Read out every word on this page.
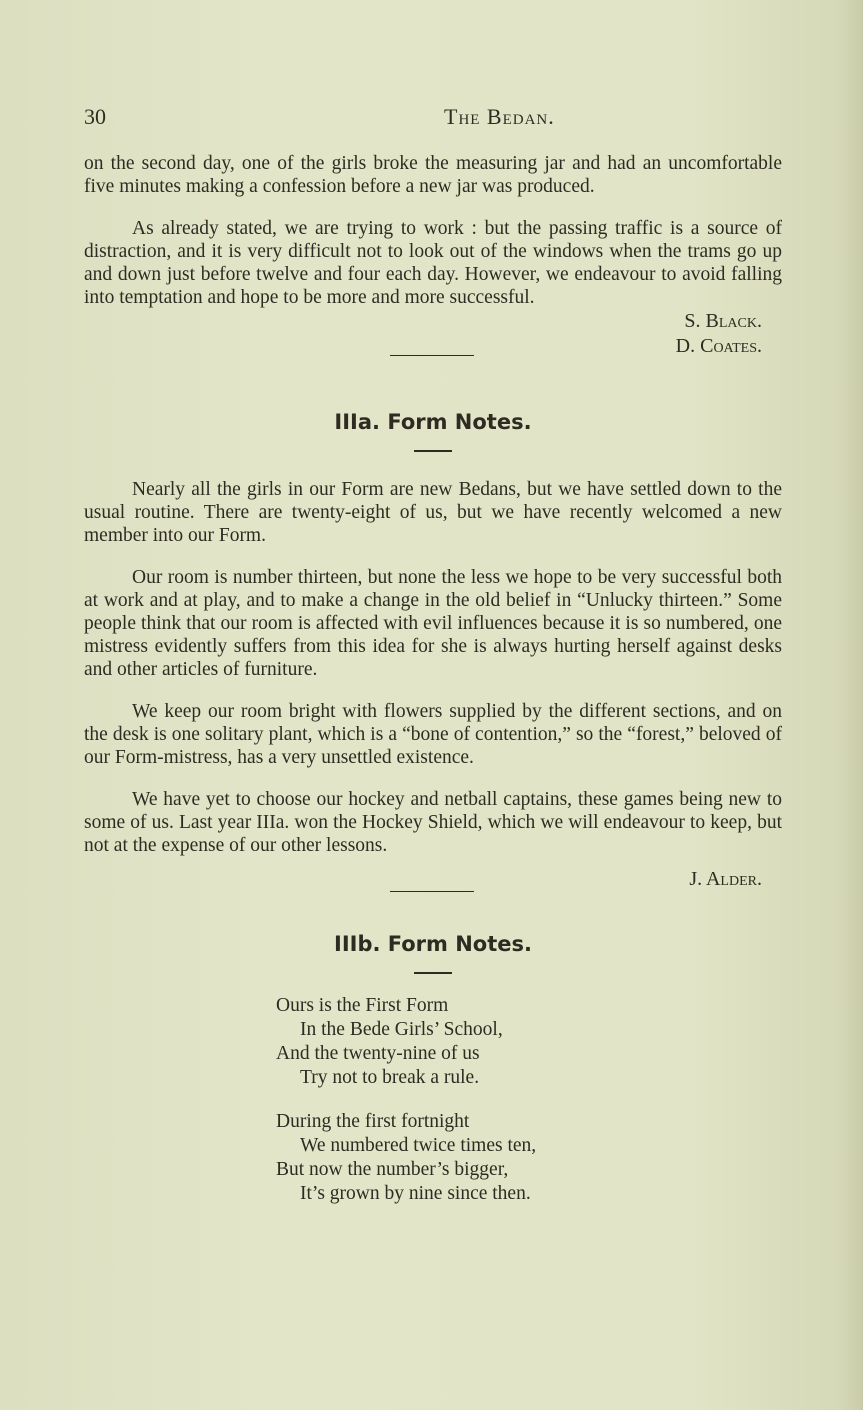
30	The Bedan.

on the second day, one of the girls broke the measuring jar and had an uncomfortable five minutes making a confession before a new jar was produced.

As already stated, we are trying to work : but the passing traffic is a source of distraction, and it is very difficult not to look out of the windows when the trams go up and down just before twelve and four each day. However, we endeavour to avoid falling into temptation and hope to be more and more successful.

S. Black.
D. Coates.
IIIa. Form Notes.

Nearly all the girls in our Form are new Bedans, but we have settled down to the usual routine. There are twenty-eight of us, but we have recently welcomed a new member into our Form.

Our room is number thirteen, but none the less we hope to be very successful both at work and at play, and to make a change in the old belief in “Unlucky thirteen.” Some people think that our room is affected with evil influences because it is so numbered, one mistress evidently suffers from this idea for she is always hurting herself against desks and other articles of furniture.

We keep our room bright with flowers supplied by the different sections, and on the desk is one solitary plant, which is a “bone of contention,” so the “forest,” beloved of our Form-mistress, has a very unsettled existence.

We have yet to choose our hockey and netball captains, these games being new to some of us. Last year IIIa. won the Hockey Shield, which we will endeavour to keep, but not at the expense of our other lessons.

J. Alder.
IIIb. Form Notes.
Ours is the First Form
In the Bede Girls’ School,
And the twenty-nine of us
Try not to break a rule.
During the first fortnight
We numbered twice times ten,
But now the number’s bigger,
It’s grown by nine since then.
